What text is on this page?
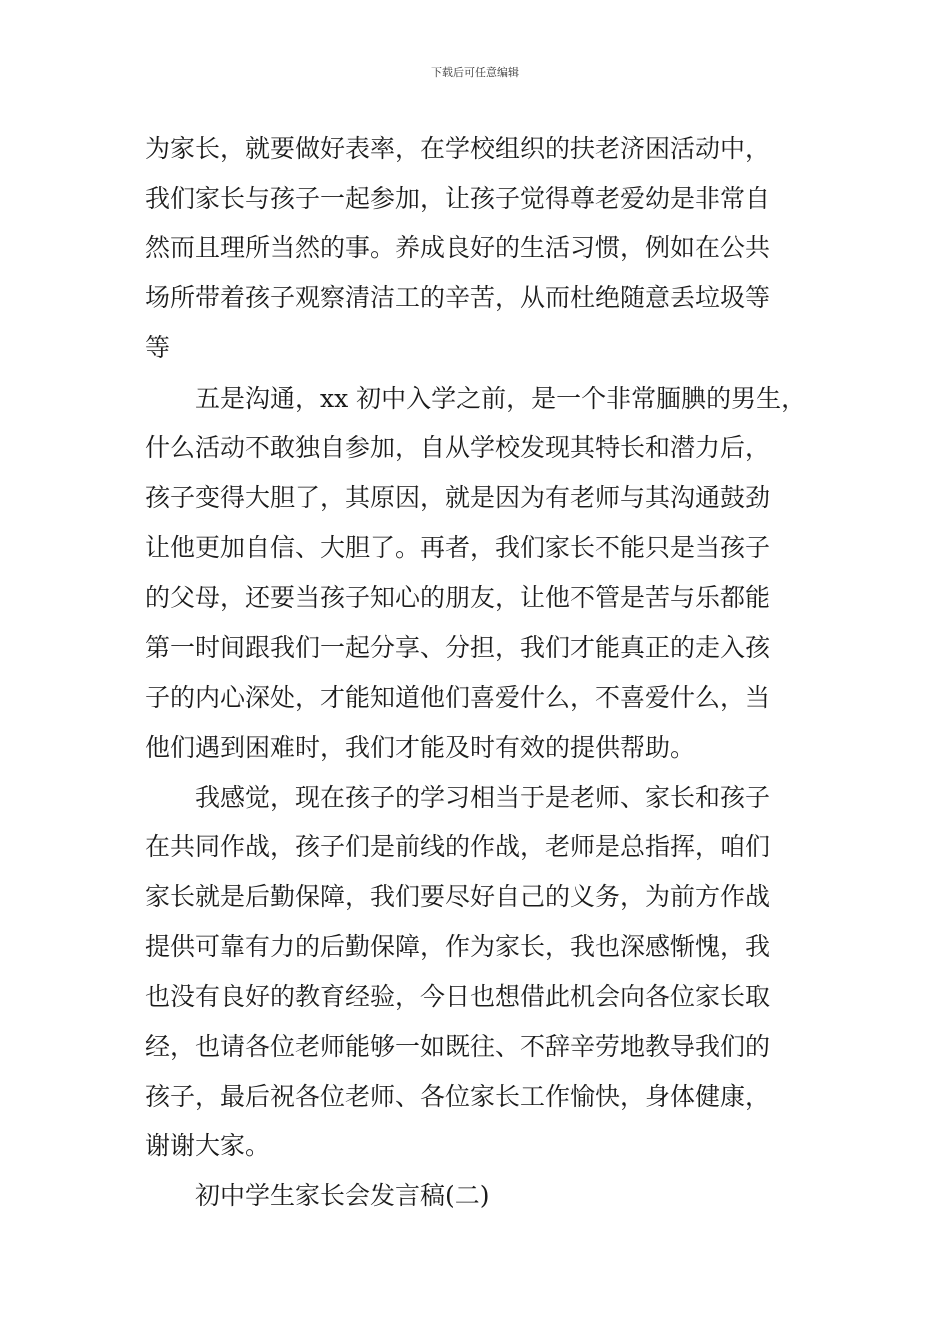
下载后可任意编辑
为家长，就要做好表率，在学校组织的扶老济困活动中，
我们家长与孩子一起参加，让孩子觉得尊老爱幼是非常自
然而且理所当然的事。养成良好的生活习惯，例如在公共
场所带着孩子观察清洁工的辛苦，从而杜绝随意丢垃圾等
等
五是沟通，xx 初中入学之前，是一个非常腼腆的男生，
什么活动不敢独自参加，自从学校发现其特长和潜力后，
孩子变得大胆了，其原因，就是因为有老师与其沟通鼓劲
让他更加自信、大胆了。再者，我们家长不能只是当孩子
的父母，还要当孩子知心的朋友，让他不管是苦与乐都能
第一时间跟我们一起分享、分担，我们才能真正的走入孩
子的内心深处，才能知道他们喜爱什么，不喜爱什么，当
他们遇到困难时，我们才能及时有效的提供帮助。
我感觉，现在孩子的学习相当于是老师、家长和孩子
在共同作战，孩子们是前线的作战，老师是总指挥，咱们
家长就是后勤保障，我们要尽好自己的义务，为前方作战
提供可靠有力的后勤保障，作为家长，我也深感惭愧，我
也没有良好的教育经验，今日也想借此机会向各位家长取
经，也请各位老师能够一如既往、不辞辛劳地教导我们的
孩子，最后祝各位老师、各位家长工作愉快，身体健康，
谢谢大家。
初中学生家长会发言稿(二)
